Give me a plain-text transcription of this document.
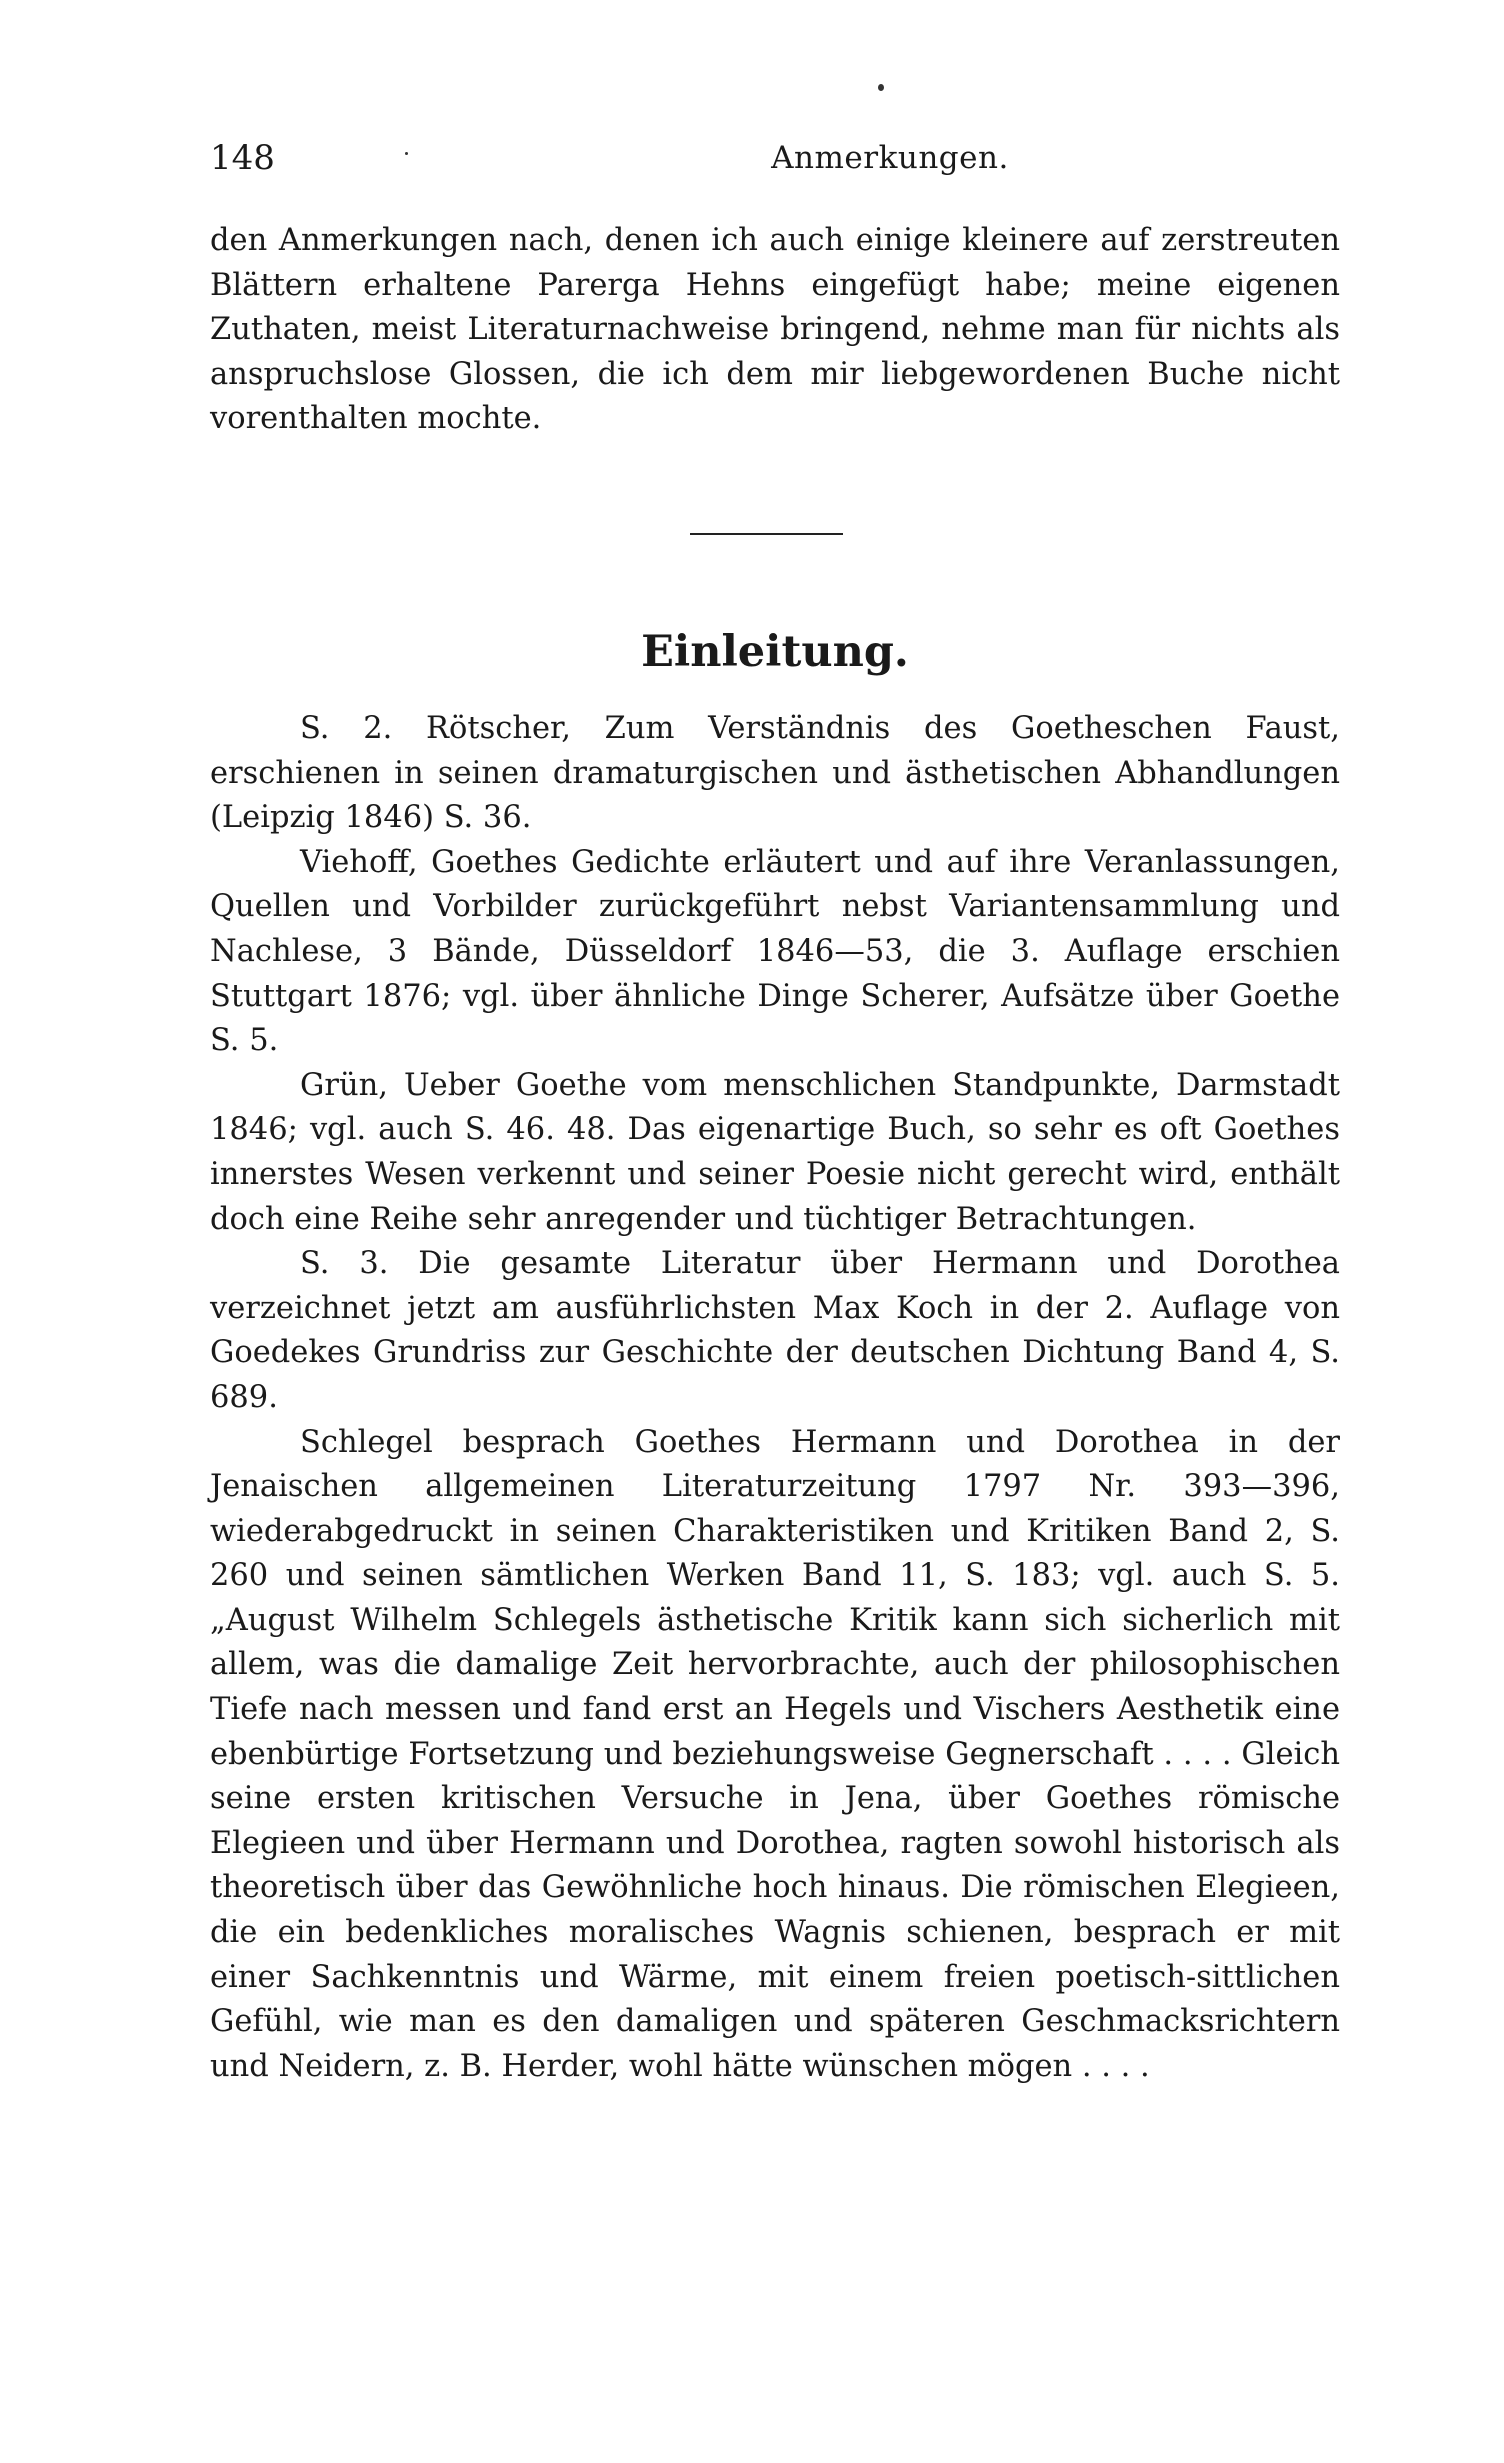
148	Anmerkungen.

den Anmerkungen nach, denen ich auch einige kleinere auf zerstreuten Blättern erhaltene Parerga Hehns eingefügt habe; meine eigenen Zuthaten, meist Literaturnachweise bringend, nehme man für nichts als anspruchslose Glossen, die ich dem mir liebgewordenen Buche nicht vorenthalten mochte.

Einleitung.

S. 2. Rötscher, Zum Verständnis des Goetheschen Faust, erschienen in seinen dramaturgischen und ästhetischen Abhandlungen (Leipzig 1846) S. 36.

Viehoff, Goethes Gedichte erläutert und auf ihre Veranlassungen, Quellen und Vorbilder zurückgeführt nebst Variantensammlung und Nachlese, 3 Bände, Düsseldorf 1846—53, die 3. Auflage erschien Stuttgart 1876; vgl. über ähnliche Dinge Scherer, Aufsätze über Goethe S. 5.

Grün, Ueber Goethe vom menschlichen Standpunkte, Darmstadt 1846; vgl. auch S. 46. 48. Das eigenartige Buch, so sehr es oft Goethes innerstes Wesen verkennt und seiner Poesie nicht gerecht wird, enthält doch eine Reihe sehr anregender und tüchtiger Betrachtungen.

S. 3. Die gesamte Literatur über Hermann und Dorothea verzeichnet jetzt am ausführlichsten Max Koch in der 2. Auflage von Goedekes Grundriss zur Geschichte der deutschen Dichtung Band 4, S. 689.

Schlegel besprach Goethes Hermann und Dorothea in der Jenaischen allgemeinen Literaturzeitung 1797 Nr. 393—396, wiederabgedruckt in seinen Charakteristiken und Kritiken Band 2, S. 260 und seinen sämtlichen Werken Band 11, S. 183; vgl. auch S. 5. „August Wilhelm Schlegels ästhetische Kritik kann sich sicherlich mit allem, was die damalige Zeit hervorbrachte, auch der philosophischen Tiefe nach messen und fand erst an Hegels und Vischers Aesthetik eine ebenbürtige Fortsetzung und beziehungsweise Gegnerschaft . . . . Gleich seine ersten kritischen Versuche in Jena, über Goethes römische Elegieen und über Hermann und Dorothea, ragten sowohl historisch als theoretisch über das Gewöhnliche hoch hinaus. Die römischen Elegieen, die ein bedenkliches moralisches Wagnis schienen, besprach er mit einer Sachkenntnis und Wärme, mit einem freien poetisch-sittlichen Gefühl, wie man es den damaligen und späteren Geschmacksrichtern und Neidern, z. B. Herder, wohl hätte wünschen mögen . . . .
